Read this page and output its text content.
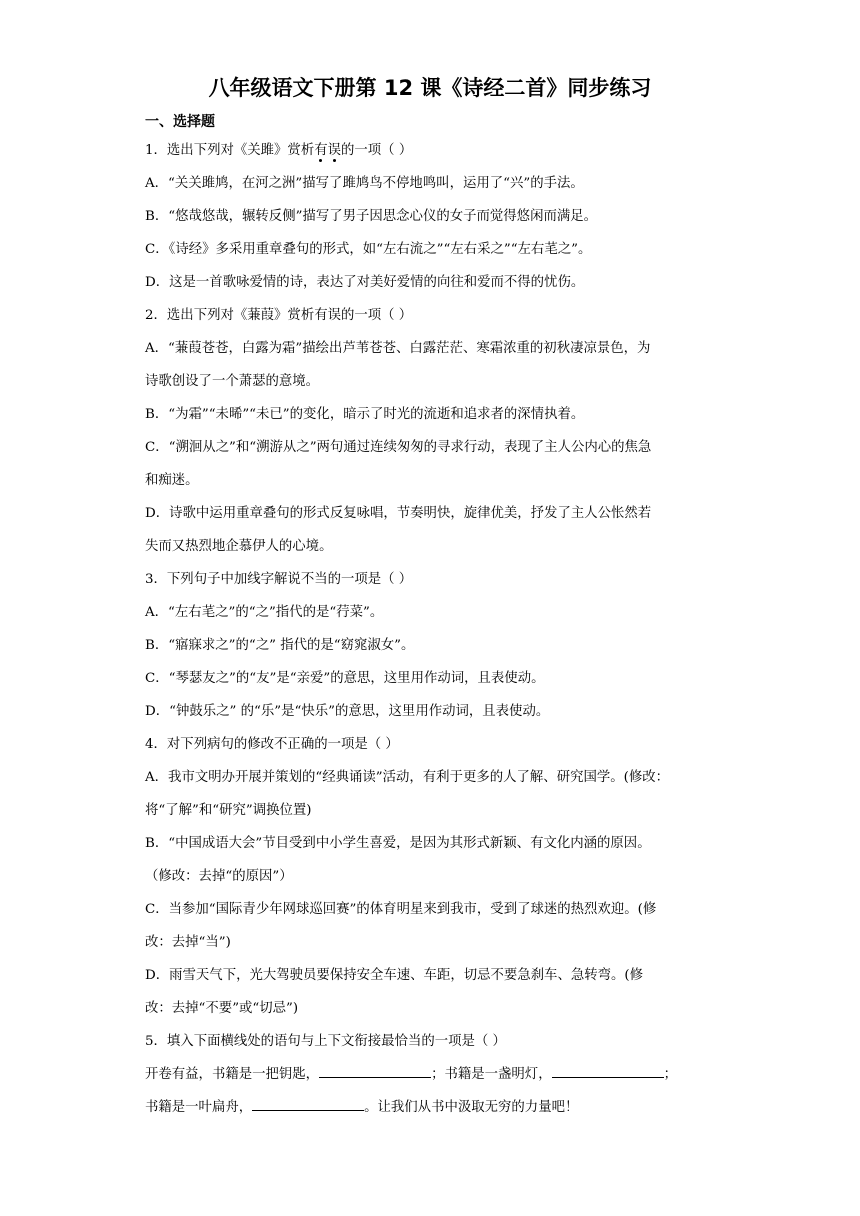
八年级语文下册第 12 课《诗经二首》同步练习
一、选择题
1．选出下列对《关雎》赏析有误的一项（ ）
A．“关关雎鸠，在河之洲”描写了雎鸠鸟不停地鸣叫，运用了“兴”的手法。
B．“悠哉悠哉，辗转反侧”描写了男子因思念心仪的女子而觉得悠闲而满足。
C．《诗经》多采用重章叠句的形式，如“左右流之”“左右采之”“左右芼之”。
D．这是一首歌咏爱情的诗，表达了对美好爱情的向往和爱而不得的忧伤。
2．选出下列对《蒹葭》赏析有误的一项（ ）
A．“蒹葭苍苍，白露为霜”描绘出芦苇苍苍、白露茫茫、寒霜浓重的初秋凄凉景色，为
诗歌创设了一个萧瑟的意境。
B．“为霜”“未晞”“未已”的变化，暗示了时光的流逝和追求者的深情执着。
C．“溯洄从之”和“溯游从之”两句通过连续匆匆的寻求行动，表现了主人公内心的焦急
和痴迷。
D．诗歌中运用重章叠句的形式反复咏唱，节奏明快，旋律优美，抒发了主人公怅然若
失而又热烈地企慕伊人的心境。
3．下列句子中加线字解说不当的一项是（ ）
A．“左右芼之”的“之”指代的是“荇菜”。
B．“寤寐求之”的“之” 指代的是“窈窕淑女”。
C．“琴瑟友之”的“友”是“亲爱”的意思，这里用作动词，且表使动。
D．“钟鼓乐之” 的“乐”是“快乐”的意思，这里用作动词，且表使动。
4．对下列病句的修改不正确的一项是（ ）
A．我市文明办开展并策划的“经典诵读”活动，有利于更多的人了解、研究国学。(修改：
将“了解”和“研究”调换位置)
B．“中国成语大会”节目受到中小学生喜爱，是因为其形式新颖、有文化内涵的原因。
（修改：去掉“的原因”）
C．当参加“国际青少年网球巡回赛”的体育明星来到我市，受到了球迷的热烈欢迎。(修
改：去掉“当”)
D．雨雪天气下，光大驾驶员要保持安全车速、车距，切忌不要急刹车、急转弯。(修
改：去掉“不要”或“切忌”)
5．填入下面横线处的语句与上下文衔接最恰当的一项是（ ）
开卷有益，书籍是一把钥匙，	；书籍是一盏明灯，	；
书籍是一叶扁舟，	。让我们从书中汲取无穷的力量吧！
